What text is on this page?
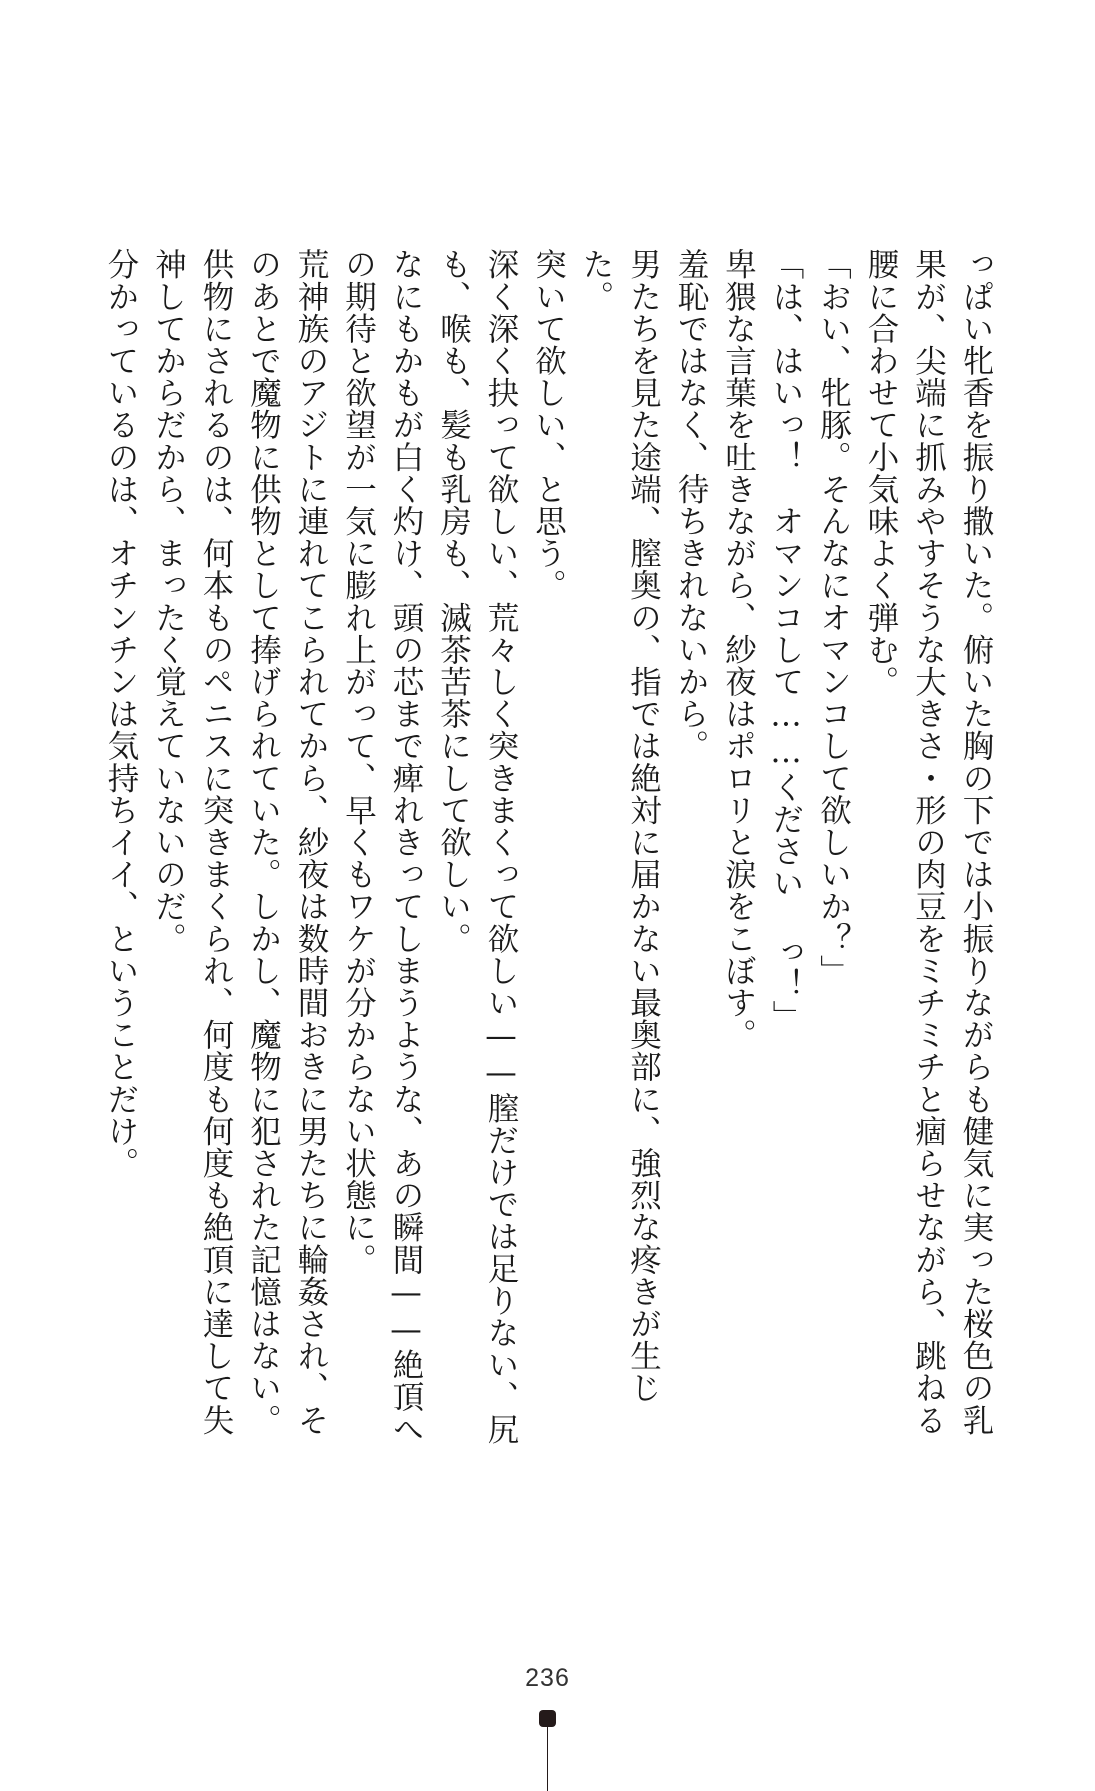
っぱい牝香を振り撒いた。俯いた胸の下では小振りながらも健気に実った桜色の乳果が、尖端に抓みやすそうな大きさ・形の肉豆をミチミチと痼らせながら、跳ねる腰に合わせて小気味よく弾む。

「おい、牝豚。そんなにオマンコして欲しいか？」

「は、はいっ！　オマンコして……ください っ！」

卑猥な言葉を吐きながら、紗夜はポロリと涙をこぼす。

羞恥ではなく、待ちきれないから。

男たちを見た途端、膣奥の、指では絶対に届かない最奥部に、強烈な疼きが生じた。

突いて欲しい、と思う。

深く深く抉って欲しい、荒々しく突きまくって欲しい——膣だけでは足りない、尻も、喉も、髪も乳房も、滅茶苦茶にして欲しい。

なにもかもが白く灼け、頭の芯まで痺れきってしまうような、あの瞬間——絶頂への期待と欲望が一気に膨れ上がって、早くもワケが分からない状態に。

荒神族のアジトに連れてこられてから、紗夜は数時間おきに男たちに輪姦され、そのあとで魔物に供物として捧げられていた。しかし、魔物に犯された記憶はない。供物にされるのは、何本ものペニスに突きまくられ、何度も何度も絶頂に達して失神してからだから、まったく覚えていないのだ。

分かっているのは、オチンチンは気持ちイイ、ということだけ。

236
